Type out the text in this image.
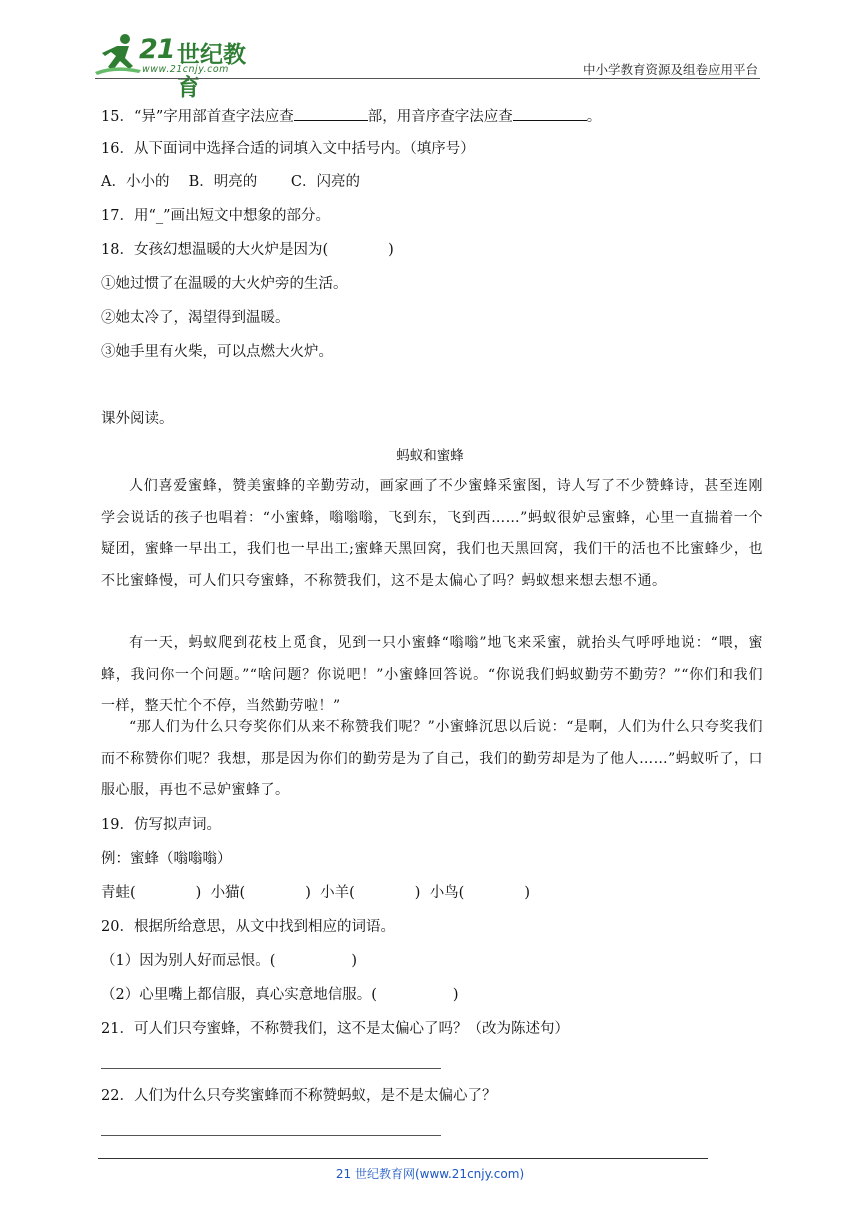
21 世纪教育
www.21cnjy.com	中小学教育资源及组卷应用平台
15．“异”字用部首查字法应查	部，用音序查字法应查	。
16．从下面词中选择合适的词填入文中括号内。（填序号）
A．小小的　 B．明亮的　　 C．闪亮的
17．用“_”画出短文中想象的部分。
18．女孩幻想温暖的大火炉是因为(	)
①她过惯了在温暖的大火炉旁的生活。
②她太冷了，渴望得到温暖。
③她手里有火柴，可以点燃大火炉。
课外阅读。
蚂蚁和蜜蜂
人们喜爱蜜蜂，赞美蜜蜂的辛勤劳动，画家画了不少蜜蜂采蜜图，诗人写了不少赞蜂诗，甚至连刚学会说话的孩子也唱着：“小蜜蜂，嗡嗡嗡，飞到东，飞到西……”蚂蚁很妒忌蜜蜂，心里一直揣着一个疑团，蜜蜂一早出工，我们也一早出工;蜜蜂天黑回窝，我们也天黑回窝，我们干的活也不比蜜蜂少，也不比蜜蜂慢，可人们只夸蜜蜂，不称赞我们，这不是太偏心了吗？蚂蚁想来想去想不通。
有一天，蚂蚁爬到花枝上觅食，见到一只小蜜蜂“嗡嗡”地飞来采蜜，就抬头气呼呼地说：“喂，蜜蜂，我问你一个问题。”“啥问题？你说吧！”小蜜蜂回答说。“你说我们蚂蚁勤劳不勤劳？”“你们和我们一样，整天忙个不停，当然勤劳啦！”
“那人们为什么只夸奖你们从来不称赞我们呢？”小蜜蜂沉思以后说：“是啊，人们为什么只夸奖我们而不称赞你们呢？我想，那是因为你们的勤劳是为了自己，我们的勤劳却是为了他人……”蚂蚁听了，口服心服，再也不忌妒蜜蜂了。
19．仿写拟声词。
例：蜜蜂（嗡嗡嗡）
青蛙(	) 小猫(	) 小羊(	) 小鸟(	)
20．根据所给意思，从文中找到相应的词语。
（1）因为别人好而忌恨。(	)
（2）心里嘴上都信服，真心实意地信服。(	)
21．可人们只夸蜜蜂，不称赞我们，这不是太偏心了吗？（改为陈述句）
22．人们为什么只夸奖蜜蜂而不称赞蚂蚁，是不是太偏心了？
21 世纪教育网(www.21cnjy.com)
